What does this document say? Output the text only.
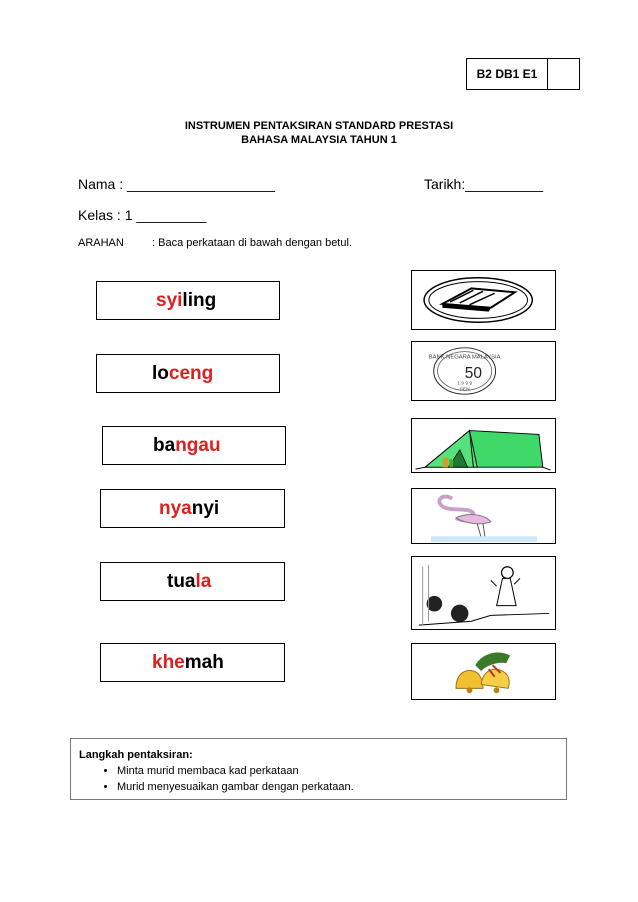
B2 DB1 E1
INSTRUMEN PENTAKSIRAN STANDARD PRESTASI
BAHASA MALAYSIA TAHUN 1
Nama : ___________________	Tarikh:__________
Kelas : 1 _________
ARAHAN	: Baca perkataan di bawah dengan betul.
syi ling
lo ceng
ba ngau
nya nyi
tua la
khe mah
BANK NEGARA MALAYSIA
50
1 9 9 9
SEN
Langkah pentaksiran:
• Minta murid membaca kad perkataan
• Murid menyesuaikan gambar dengan perkataan.
